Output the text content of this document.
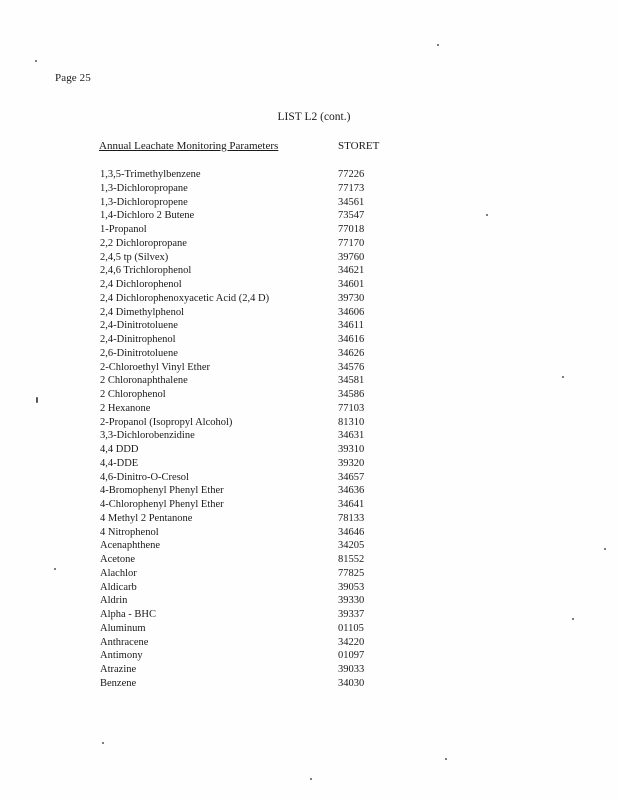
Page 25
LIST L2 (cont.)
Annual Leachate Monitoring Parameters	STORET
1,3,5-Trimethylbenzene	77226
1,3-Dichloropropane	77173
1,3-Dichloropropene	34561
1,4-Dichloro 2 Butene	73547
1-Propanol	77018
2,2 Dichloropropane	77170
2,4,5 tp (Silvex)	39760
2,4,6 Trichlorophenol	34621
2,4 Dichlorophenol	34601
2,4 Dichlorophenoxyacetic Acid (2,4 D)	39730
2,4 Dimethylphenol	34606
2,4-Dinitrotoluene	34611
2,4-Dinitrophenol	34616
2,6-Dinitrotoluene	34626
2-Chloroethyl Vinyl Ether	34576
2 Chloronaphthalene	34581
2 Chlorophenol	34586
2 Hexanone	77103
2-Propanol (Isopropyl Alcohol)	81310
3,3-Dichlorobenzidine	34631
4,4 DDD	39310
4,4-DDE	39320
4,6-Dinitro-O-Cresol	34657
4-Bromophenyl Phenyl Ether	34636
4-Chlorophenyl Phenyl Ether	34641
4 Methyl 2 Pentanone	78133
4 Nitrophenol	34646
Acenaphthene	34205
Acetone	81552
Alachlor	77825
Aldicarb	39053
Aldrin	39330
Alpha - BHC	39337
Aluminum	01105
Anthracene	34220
Antimony	01097
Atrazine	39033
Benzene	34030
